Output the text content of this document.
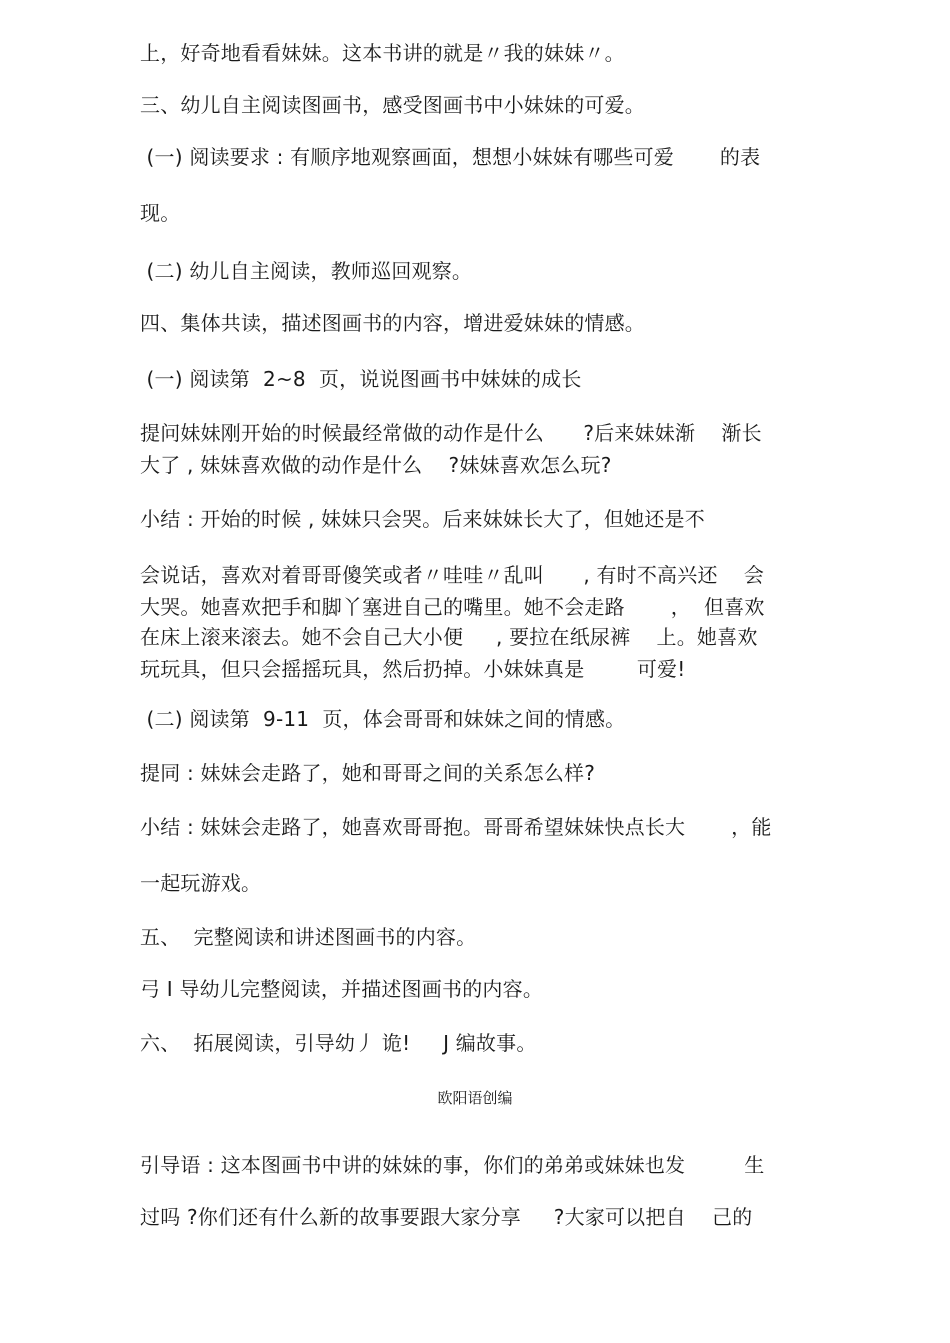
上，好奇地看看妹妹。这本书讲的就是〃我的妹妹〃。
三、幼儿自主阅读图画书，感受图画书中小妹妹的可爱。
(一) 阅读要求 : 有顺序地观察画面，想想小妹妹有哪些可爱       的表
现。
(二) 幼儿自主阅读，教师巡回观察。
四、集体共读，描述图画书的内容，增进爱妹妹的情感。
(一) 阅读第  2~8  页，说说图画书中妹妹的成长
提问妹妹刚开始的时候最经常做的动作是什么      ?后来妹妹渐    渐长
大了 , 妹妹喜欢做的动作是什么    ?妹妹喜欢怎么玩?
小结 : 开始的时候 , 妹妹只会哭。后来妹妹长大了，但她还是不
会说话，喜欢对着哥哥傻笑或者〃哇哇〃乱叫      , 有时不高兴还    会
大哭。她喜欢把手和脚丫塞进自己的嘴里。她不会走路       ，  但喜欢
在床上滚来滚去。她不会自己大小便     , 要拉在纸尿裤    上。她喜欢
玩玩具，但只会摇摇玩具，然后扔掉。小妹妹真是        可爱!
(二) 阅读第  9-11  页，体会哥哥和妹妹之间的情感。
提同 : 妹妹会走路了，她和哥哥之间的关系怎么样?
小结 : 妹妹会走路了，她喜欢哥哥抱。哥哥希望妹妹快点长大       ，能
一起玩游戏。
五、  完整阅读和讲述图画书的内容。
弓 I 导幼儿完整阅读，并描述图画书的内容。
六、  拓展阅读，引导幼丿 诡!     J 编故事。
欧阳语创编
引导语 : 这本图画书中讲的妹妹的事，你们的弟弟或妹妹也发         生
过吗 ?你们还有什么新的故事要跟大家分享     ?大家可以把自    己的
